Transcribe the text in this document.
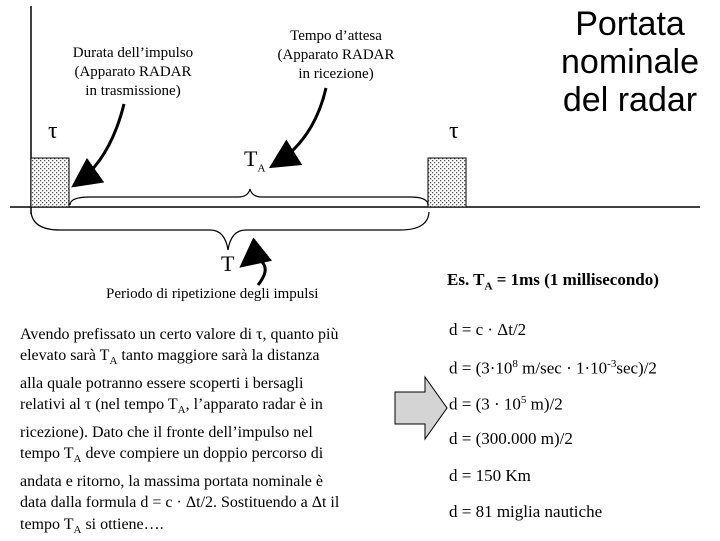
Durata dell’impulso
(Apparato RADAR
in trasmissione)
Tempo d’attesa
(Apparato RADAR
in ricezione)
Portata
nominale
del radar
τ	τ
$T_A$
T
Periodo di ripetizione degli impulsi
Avendo prefissato un certo valore di τ, quanto più
elevato sarà $T_A$ tanto maggiore sarà la distanza
alla quale potranno essere scoperti i bersagli
relativi al τ (nel tempo $T_A$, l’apparato radar è in
ricezione). Dato che il fronte dell’impulso nel
tempo $T_A$ deve compiere un doppio percorso di
andata e ritorno, la massima portata nominale è
data dalla formula d = c · Δt/2. Sostituendo a Δt il
tempo $T_A$ si ottiene….
Es. $T_A = 1ms$ (1 millisecondo)
d = c · Δt/2
$d = (3\cdot 10^8$ $m/\sec \cdot 1\cdot 10^{-3}\sec)/2$
$d = (3 \cdot 10^5$ m)/2
d = (300.000 m)/2
d = 150 Km
d = 81 miglia nautiche
